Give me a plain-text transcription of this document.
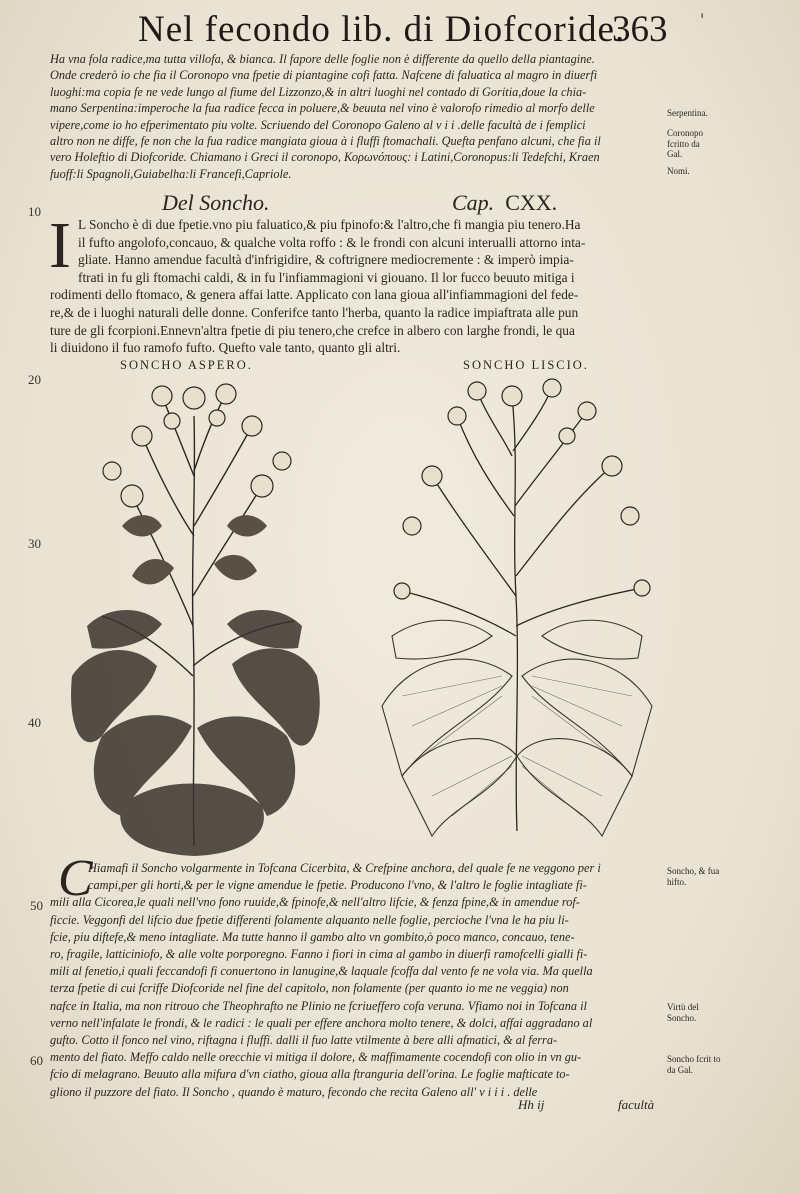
Nel fecondo lib. di Diofcoride.
363 '
Ha vna fola radice,ma tutta villofa, & bianca. Il fapore delle foglie non è differente da quello della piantagine.
Onde crederò io che fia il Coronopo vna fpetie di piantagine cofi fatta. Nafcene di faluatica al magro in diuerfi
luoghi:ma copia fe ne vede lungo al fiume del Lizzonzo,& in altri luoghi nel contado di Goritia,doue la chia-
mano Serpentina:imperoche la fua radice fecca in poluere,& beuuta nel vino è valorofo rimedio al morfo delle
vipere,come io ho efperimentato piu volte. Scriuendo del Coronopo Galeno al v i i .delle facultà de i femplici
altro non ne diffe, fe non che la fua radice mangiata gioua à i fluffi ftomachali. Quefta penfano alcuni, che fia il
vero Holeftio di Diofcoride. Chiamano i Greci il coronopo, Κορωνόπους: i Latini,Coronopus:li Tedefchi, Kraen
fuoff:li Spagnoli,Guiabelha:li Francefi,Capriole.
Serpentina.
Coronopo fcritto da Gal.
Nomi.
10
20
30
40
50
60
Del Soncho.	Cap. CXX.
I L Soncho è di due fpetie.vno piu faluatico,& piu fpinofo:& l'altro,che fi mangia piu tenero.Ha
il fufto angolofo,concauo, & qualche volta roffo : & le frondi con alcuni interualli attorno inta-
gliate. Hanno amendue facultà d'infrigidire, & coftrignere mediocremente : & imperò impia-
ftrati in fu gli ftomachi caldi, & in fu l'infiammagioni vi giouano. Il lor fucco beuuto mitiga i
rodimenti dello ftomaco, & genera affai latte. Applicato con lana gioua all'infiammagioni del fede-
re,& de i luoghi naturali delle donne. Conferifce tanto l'herba, quanto la radice impiaftrata alle pun
ture de gli fcorpioni.Ennevn'altra fpetie di piu tenero,che crefce in albero con larghe frondi, le qua
li diuidono il fuo ramofo fufto. Quefto vale tanto, quanto gli altri.
SONCHO ASPERO.	SONCHO LISCIO.
C
Hiamafi il Soncho volgarmente in Tofcana Cicerbita, & Crefpine anchora, del quale fe ne veggono per i
campi,per gli horti,& per le vigne amendue le fpetie. Producono l'vno, & l'altro le foglie intagliate fi-
mili alla Cicorea,le quali nell'vno fono ruuide,& fpinofe,& nell'altro lifcie, & fenza fpine,& in amendue rof-
ficcie. Veggonfi del lifcio due fpetie differenti folamente alquanto nelle foglie, percioche l'vna le ha piu li-
fcie, piu diftefe,& meno intagliate. Ma tutte hanno il gambo alto vn gombito,ò poco manco, concauo, tene-
ro, fragile, latticiniofo, & alle volte porporegno. Fanno i fiori in cima al gambo in diuerfi ramofcelli gialli fi-
mili al fenetio,i quali feccandofi fi conuertono in lanugine,& laquale fcoffa dal vento fe ne vola via. Ma quella
terza fpetie di cui fcriffe Diofcoride nel fine del capitolo, non folamente (per quanto io me ne veggia) non
nafce in Italia, ma non ritrouo che Theophrafto ne Plinio ne fcriueffero cofa veruna. Vfiamo noi in Tofcana il
verno nell'infalate le frondi, & le radici : le quali per effere anchora molto tenere, & dolci, affai aggradano al
gufto. Cotto il fonco nel vino, riftagna i fluffi. dalli il fuo latte vtilmente à bere alli afmatici, & al ferra-
mento del fiato. Meffo caldo nelle orecchie vi mitiga il dolore, & maffimamente cocendofi con olio in vn gu-
fcio di melagrano. Beuuto alla mifura d'vn ciatho, gioua alla ftranguria dell'orina. Le foglie mafticate to-
gliono il puzzore del fiato. Il Soncho , quando è maturo, fecondo che recita Galeno all' v i i i . delle
Soncho, & fua hifto.
Virtù del Soncho.
Soncho fcrit to da Gal.
Hh ij	facultà
